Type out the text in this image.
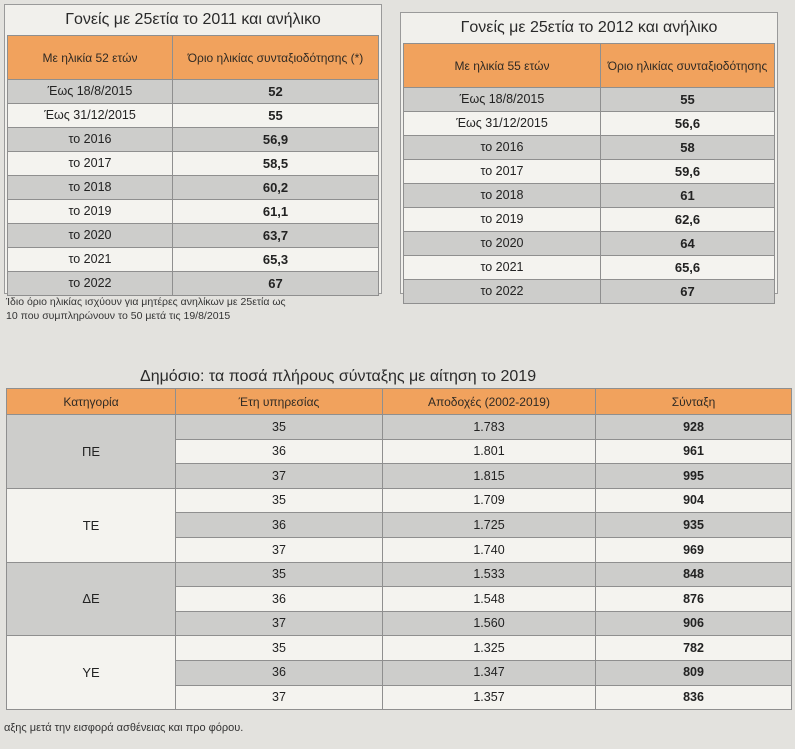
Γονείς με 25ετία το 2011 και ανήλικο
Με ηλικία 52 ετών	Όριο ηλικίας συνταξιοδότησης (*)
Έως 18/8/2015	52
Έως 31/12/2015	55
το 2016	56,9
το 2017	58,5
το 2018	60,2
το 2019	61,1
το 2020	63,7
το 2021	65,3
το 2022	67
Ίδιο όριο ηλικίας ισχύουν για μητέρες ανηλίκων με 25ετία ως
10 που συμπληρώνουν το 50 μετά τις 19/8/2015
Γονείς με 25ετία το 2012 και ανήλικο
Με ηλικία 55 ετών	Όριο ηλικίας συνταξιοδότησης
Έως 18/8/2015	55
Έως 31/12/2015	56,6
το 2016	58
το 2017	59,6
το 2018	61
το 2019	62,6
το 2020	64
το 2021	65,6
το 2022	67
Δημόσιο: τα ποσά πλήρους σύνταξης με αίτηση το 2019
Κατηγορία	Έτη υπηρεσίας	Αποδοχές (2002-2019)	Σύνταξη
ΠΕ	35	1.783	928
	36	1.801	961
	37	1.815	995
ΤΕ	35	1.709	904
	36	1.725	935
	37	1.740	969
ΔΕ	35	1.533	848
	36	1.548	876
	37	1.560	906
ΥΕ	35	1.325	782
	36	1.347	809
	37	1.357	836
αξης μετά την εισφορά ασθένειας και προ φόρου.
